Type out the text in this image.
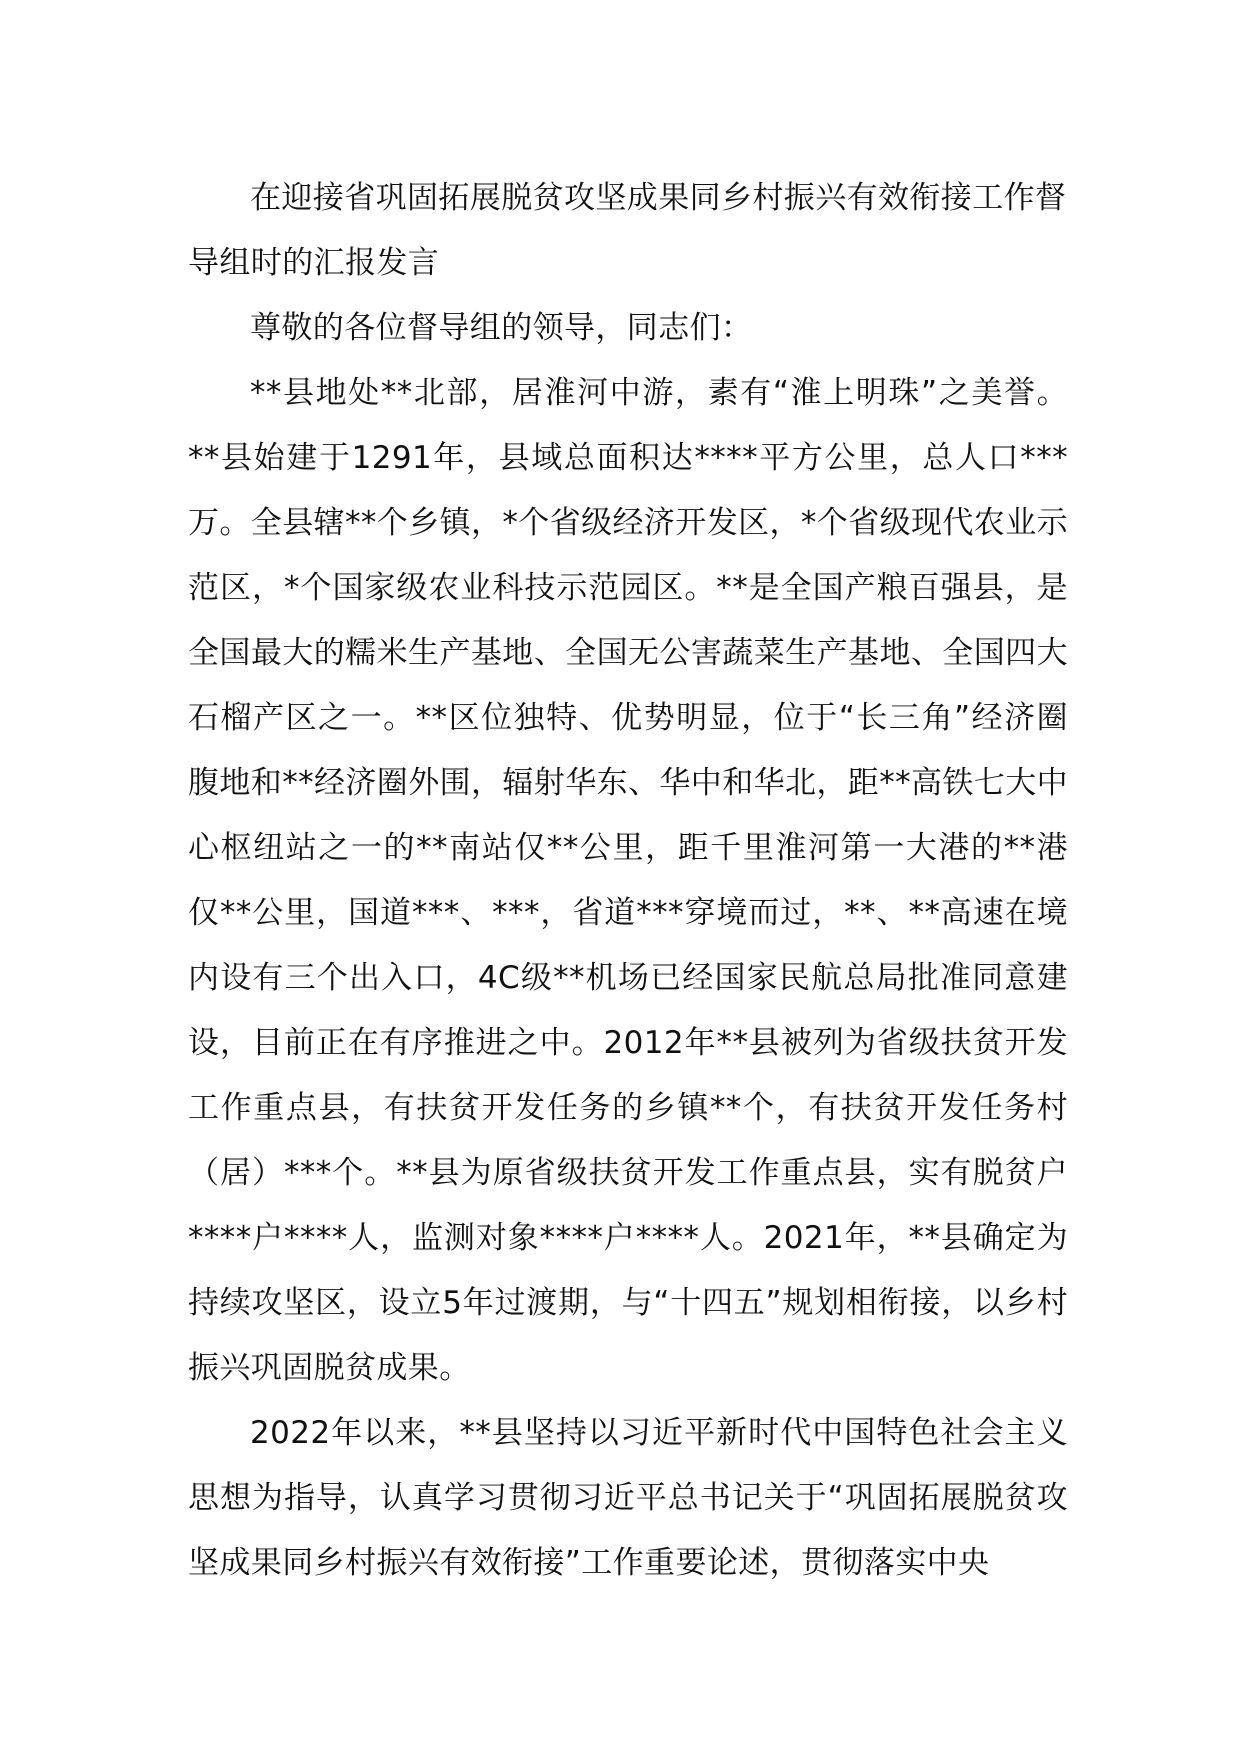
在迎接省巩固拓展脱贫攻坚成果同乡村振兴有效衔接工作督导组时的汇报发言

尊敬的各位督导组的领导，同志们：

**县地处**北部，居淮河中游，素有“淮上明珠”之美誉。**县始建于1291年，县域总面积达****平方公里，总人口***万。全县辖**个乡镇，*个省级经济开发区，*个省级现代农业示范区，*个国家级农业科技示范园区。**是全国产粮百强县，是全国最大的糯米生产基地、全国无公害蔬菜生产基地、全国四大石榴产区之一。**区位独特、优势明显，位于“长三角”经济圈腹地和**经济圈外围，辐射华东、华中和华北，距**高铁七大中心枢纽站之一的**南站仅**公里，距千里淮河第一大港的**港仅**公里，国道***、***，省道***穿境而过，**、**高速在境内设有三个出入口，4C级**机场已经国家民航总局批准同意建设，目前正在有序推进之中。2012年**县被列为省级扶贫开发工作重点县，有扶贫开发任务的乡镇**个，有扶贫开发任务村（居）***个。**县为原省级扶贫开发工作重点县，实有脱贫户****户****人，监测对象****户****人。2021年，**县确定为持续攻坚区，设立5年过渡期，与“十四五”规划相衔接，以乡村振兴巩固脱贫成果。

2022年以来，**县坚持以习近平新时代中国特色社会主义思想为指导，认真学习贯彻习近平总书记关于“巩固拓展脱贫攻坚成果同乡村振兴有效衔接”工作重要论述，贯彻落实中央
